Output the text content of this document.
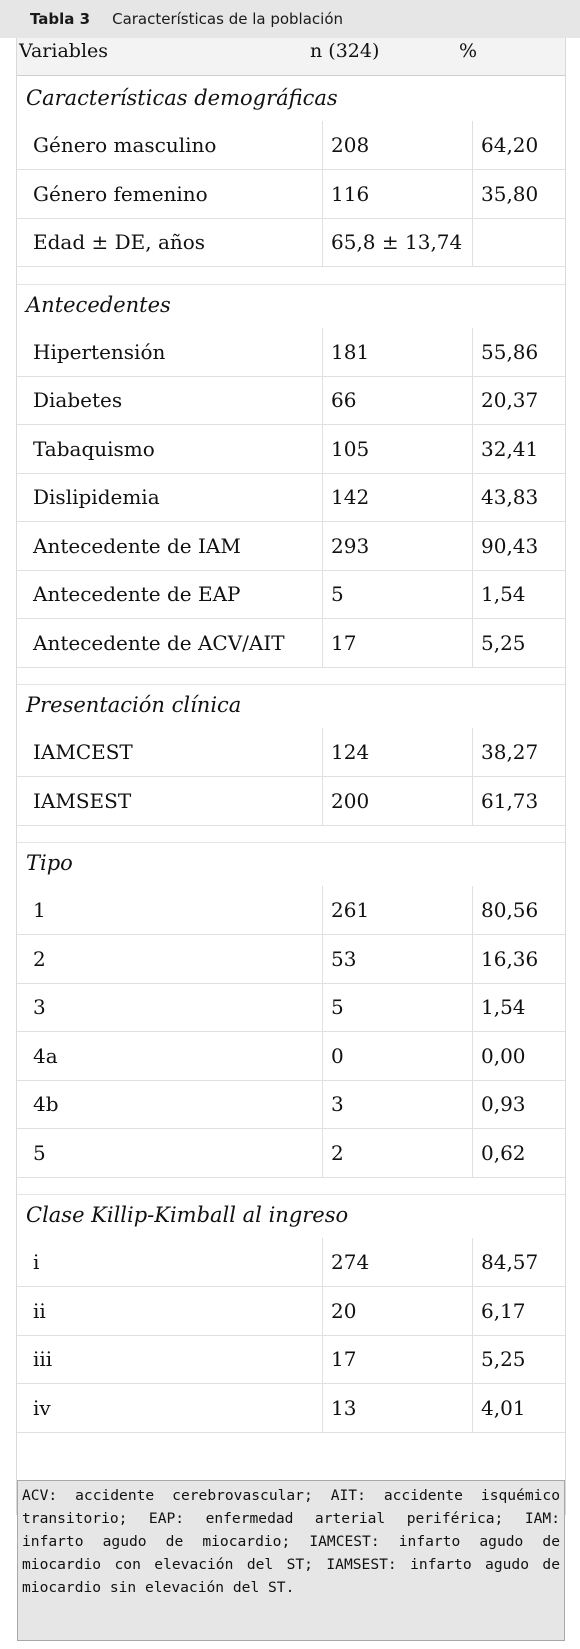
Tabla 3 Características de la población
Variables	n (324)	%
ACV: accidente cerebrovascular; AIT: accidente isquémico transitorio; EAP: enfermedad arterial periférica; IAM: infarto agudo de miocardio; IAMCEST: infarto agudo de miocardio con elevación del ST; IAMSEST: infarto agudo de miocardio sin elevación del ST.
Características demográficas
Género masculino	208	64,20
Género femenino	116	35,80
Edad ± DE, años	65,8 ± 13,74
Antecedentes
Hipertensión	181	55,86
Diabetes	66	20,37
Tabaquismo	105	32,41
Dislipidemia	142	43,83
Antecedente de IAM	293	90,43
Antecedente de EAP	5	1,54
Antecedente de ACV/AIT 17	5,25
Presentación clínica
IAMCEST	124	38,27
IAMSEST	200	61,73
Tipo
1	261	80,56
2	53	16,36
3	5	1,54
4a	0	0,00
4b	3	0,93
5	2	0,62
Clase Killip-Kimball al ingreso
i	274	84,57
ii	20	6,17
iii	17	5,25
iv	13	4,01
